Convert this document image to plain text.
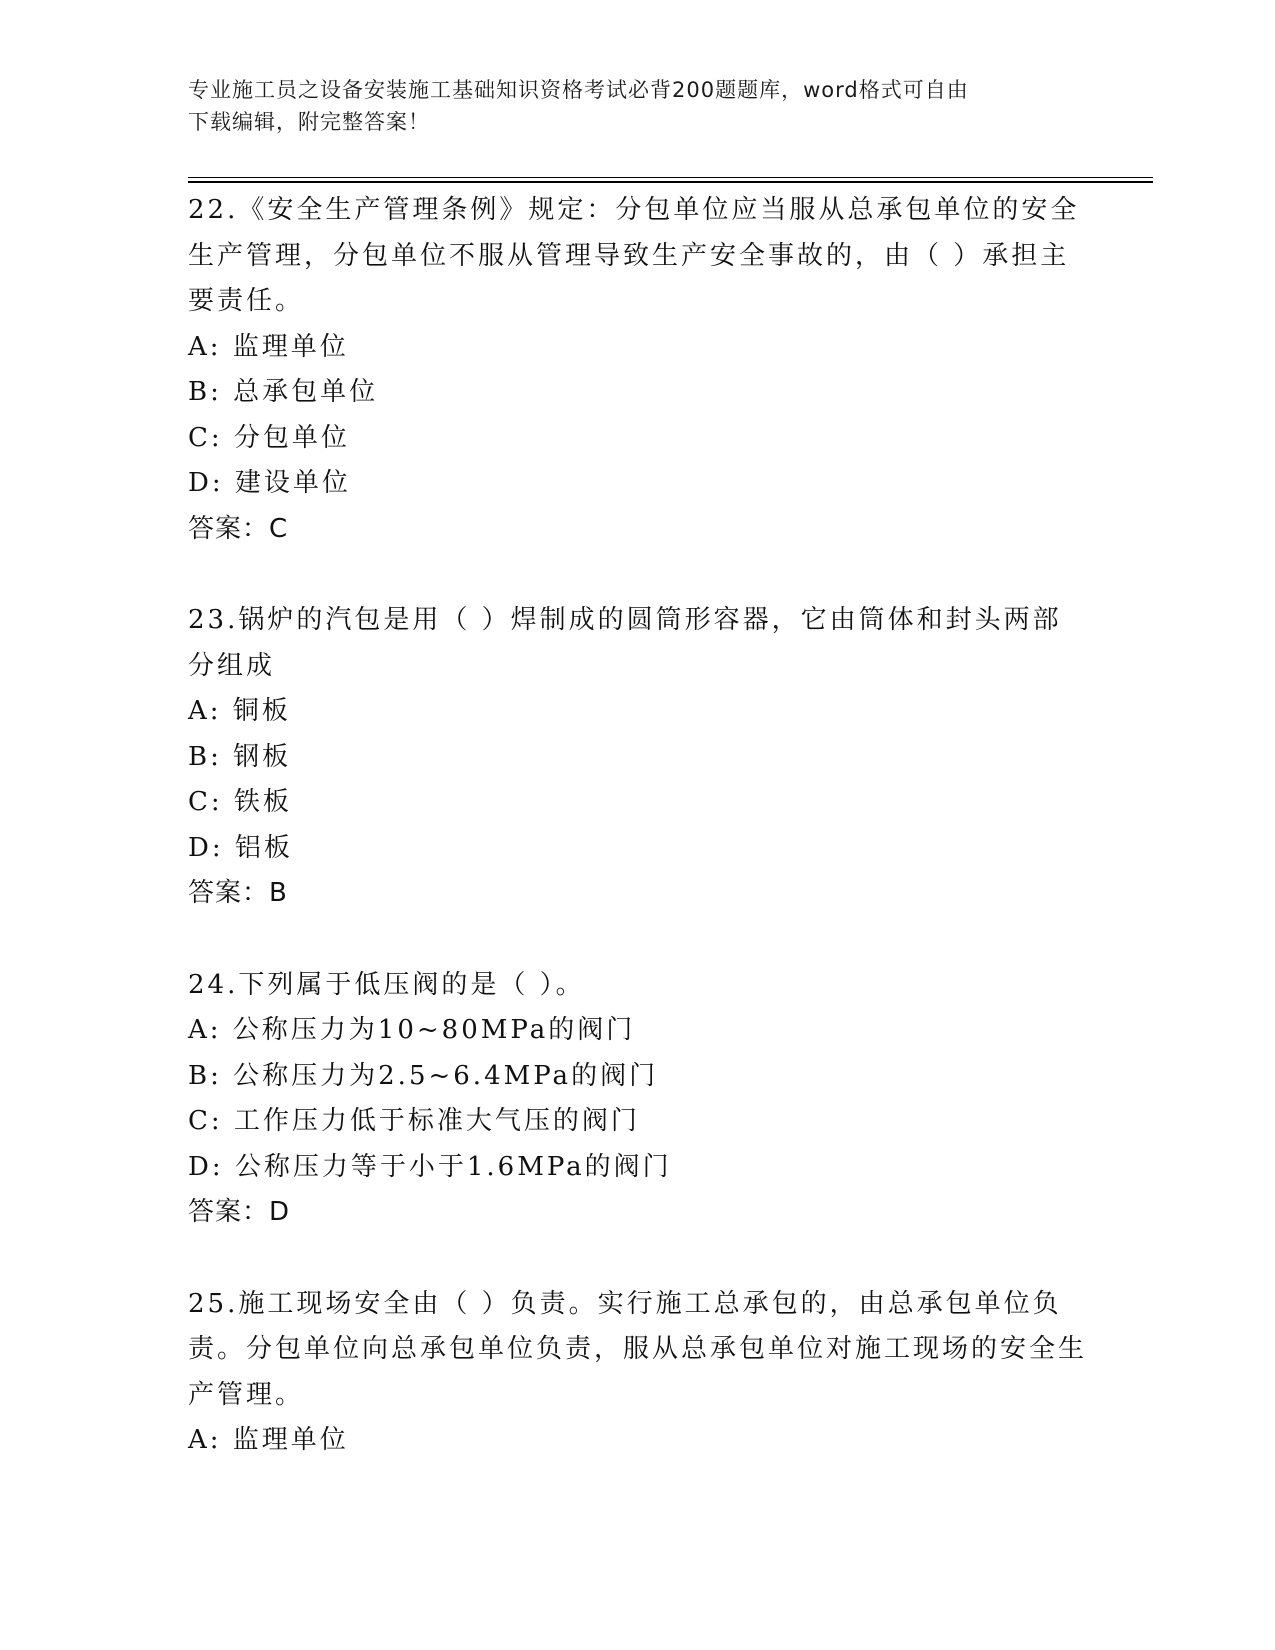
专业施工员之设备安装施工基础知识资格考试必背200题题库，word格式可自由
下载编辑，附完整答案！

22.《安全生产管理条例》规定：分包单位应当服从总承包单位的安全生产管理，分包单位不服从管理导致生产安全事故的，由（ ）承担主要责任。

A: 监理单位

B: 总承包单位

C: 分包单位

D: 建设单位

答案：C

23.锅炉的汽包是用（ ）焊制成的圆筒形容器，它由筒体和封头两部分组成

A: 铜板

B: 钢板

C: 铁板

D: 铝板

答案：B

24.下列属于低压阀的是（ ）。

A: 公称压力为10~80MPa的阀门

B: 公称压力为2.5~6.4MPa的阀门

C: 工作压力低于标准大气压的阀门

D: 公称压力等于小于1.6MPa的阀门

答案：D

25.施工现场安全由（ ）负责。实行施工总承包的，由总承包单位负责。分包单位向总承包单位负责，服从总承包单位对施工现场的安全生产管理。

A: 监理单位
